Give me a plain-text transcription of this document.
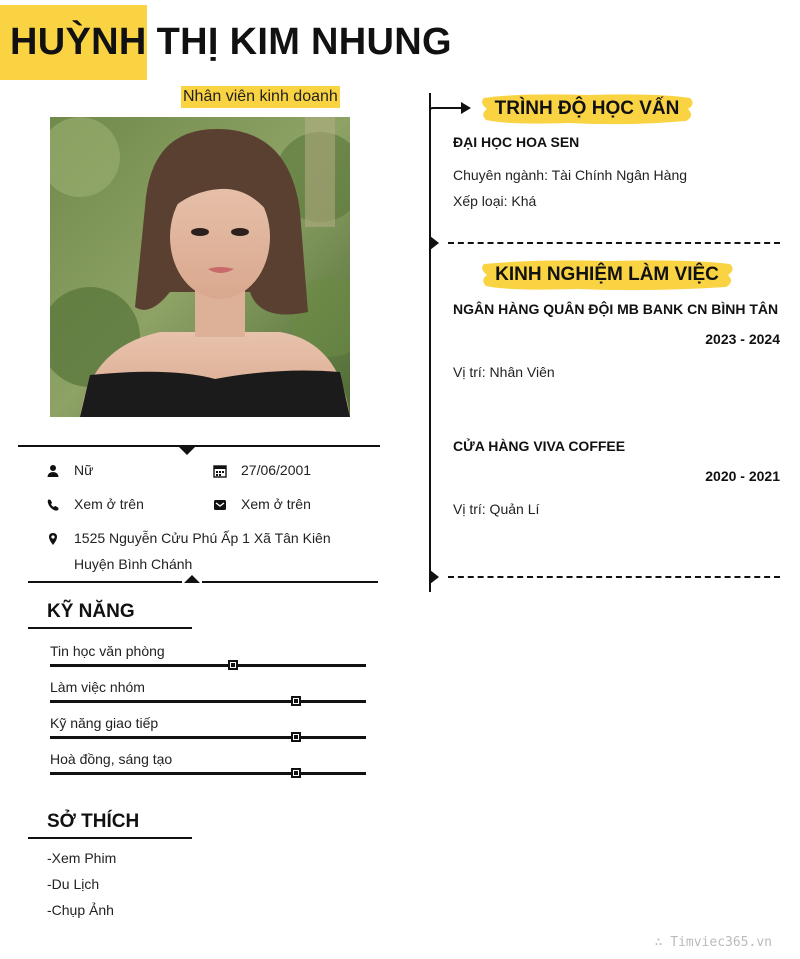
HUỲNH THỊ KIM NHUNG
Nhân viên kinh doanh
Nữ	27/06/2001
Xem ở trên	Xem ở trên
1525 Nguyễn Cửu Phú Ấp 1 Xã Tân Kiên
Huyện Bình Chánh
KỸ NĂNG
Tin học văn phòng
Làm việc nhóm
Kỹ năng giao tiếp
Hoà đồng, sáng tạo
SỞ THÍCH
-Xem Phim
-Du Lịch
-Chụp Ảnh
TRÌNH ĐỘ HỌC VẤN
ĐẠI HỌC HOA SEN
Chuyên ngành: Tài Chính Ngân Hàng
Xếp loại: Khá
KINH NGHIỆM LÀM VIỆC
NGÂN HÀNG QUÂN ĐỘI MB BANK CN BÌNH TÂN
2023 - 2024
Vị trí: Nhân Viên
CỬA HÀNG VIVA COFFEE
2020 - 2021
Vị trí: Quản Lí
∴ Timviec365.vn
